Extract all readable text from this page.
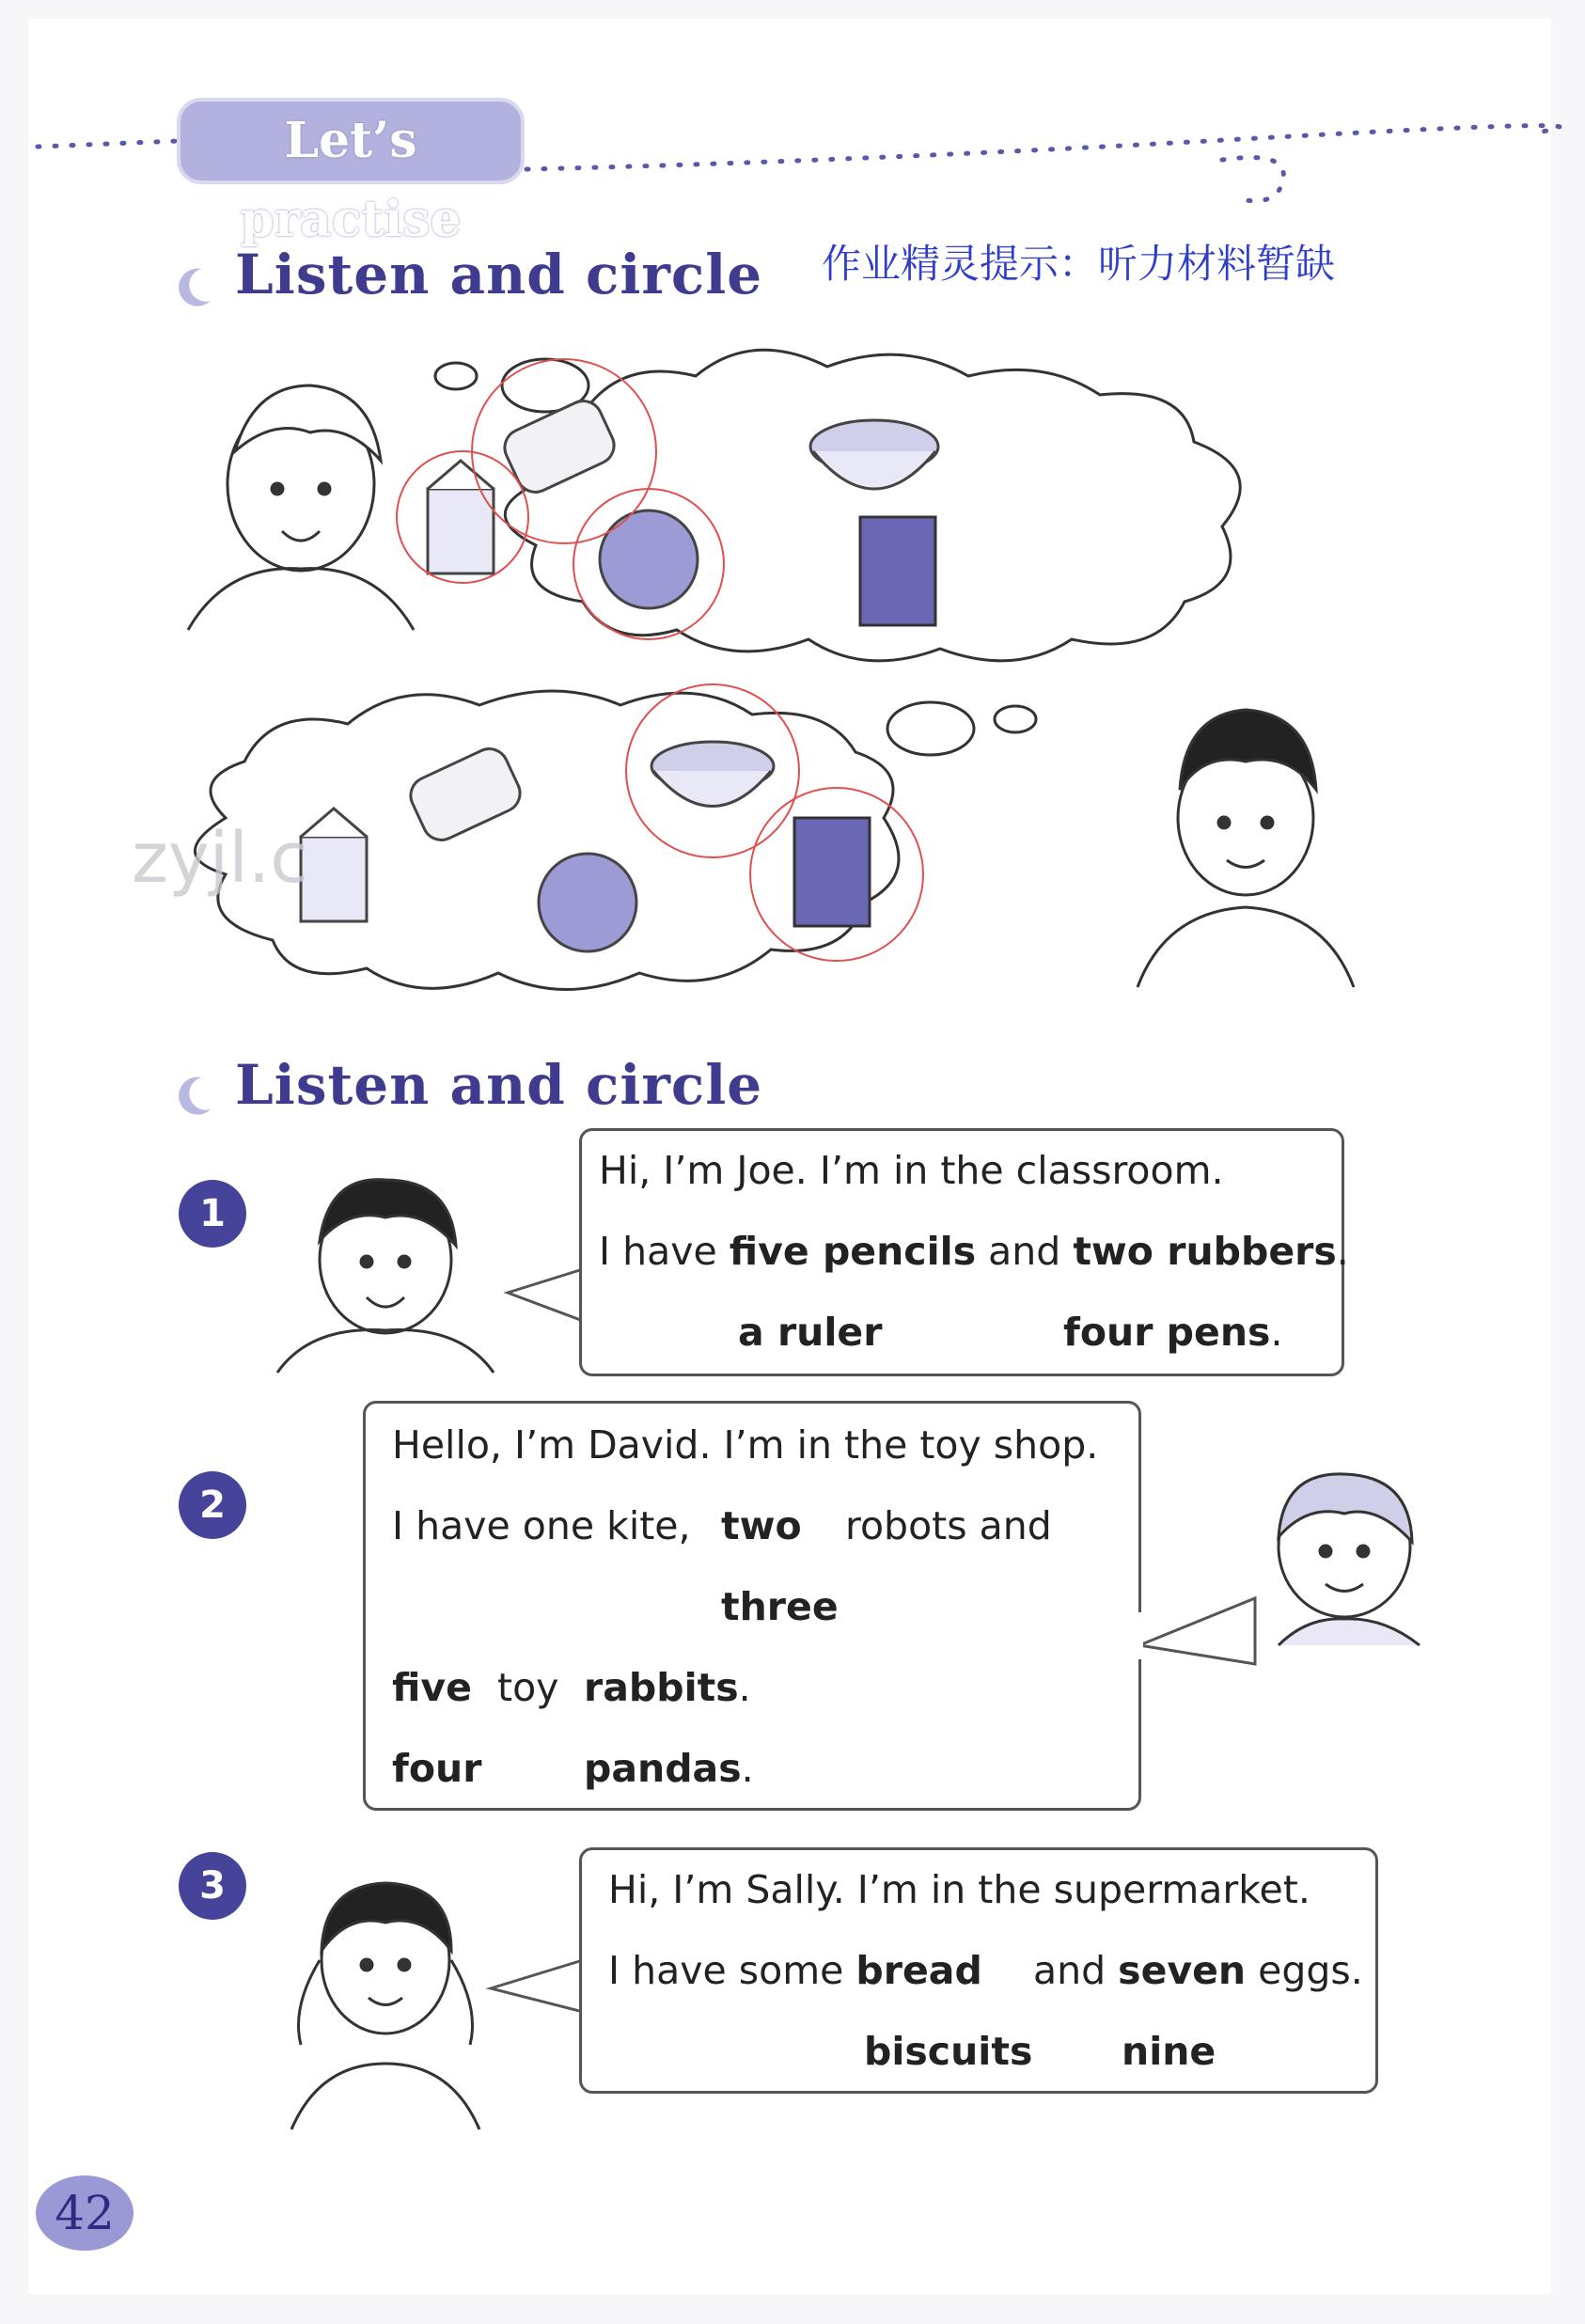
Let’s practise
Listen and circle 作业精灵提示：听力材料暂缺
zyjl.c
Listen and circle
1
Hi, I’m Joe. I’m in the classroom.
I have five pencils and two rubbers.
a ruler	four pens.
2
Hello, I’m David. I’m in the toy shop.
I have one kite, two robots and
three
five toy rabbits.
four	pandas.
3	Hi, I’m Sally. I’m in the supermarket.
I have some bread and seven eggs.
biscuits nine
42
